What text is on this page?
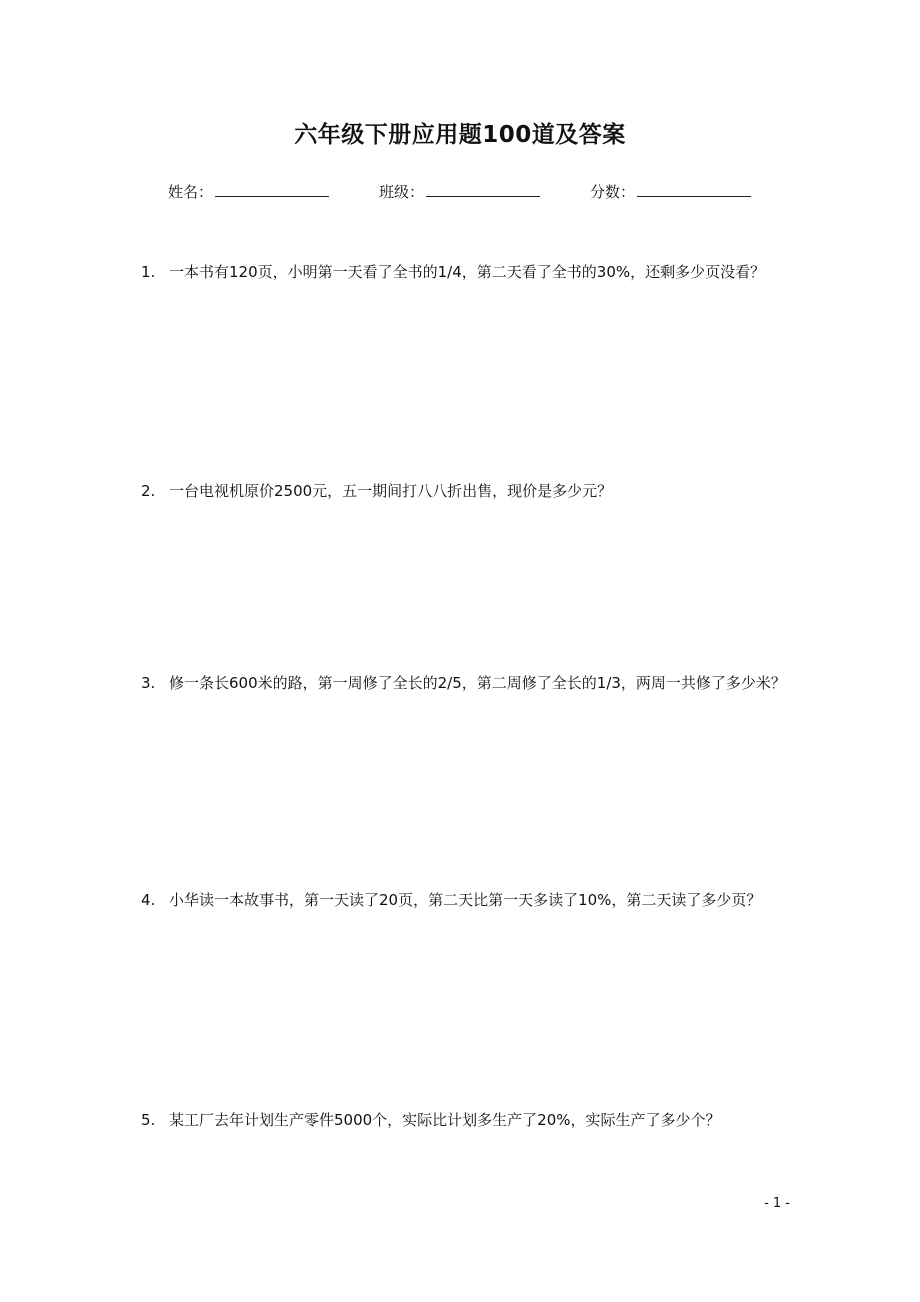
六年级下册应用题100道及答案
姓名：	班级：	分数：
1. 一本书有120页，小明第一天看了全书的1/4，第二天看了全书的30%，还剩多少页没看？

2. 一台电视机原价2500元，五一期间打八八折出售，现价是多少元？

3. 修一条长600米的路，第一周修了全长的2/5，第二周修了全长的1/3，两周一共修了多少米？

4. 小华读一本故事书，第一天读了20页，第二天比第一天多读了10%，第二天读了多少页？

5. 某工厂去年计划生产零件5000个，实际比计划多生产了20%，实际生产了多少个？

- 1 -
